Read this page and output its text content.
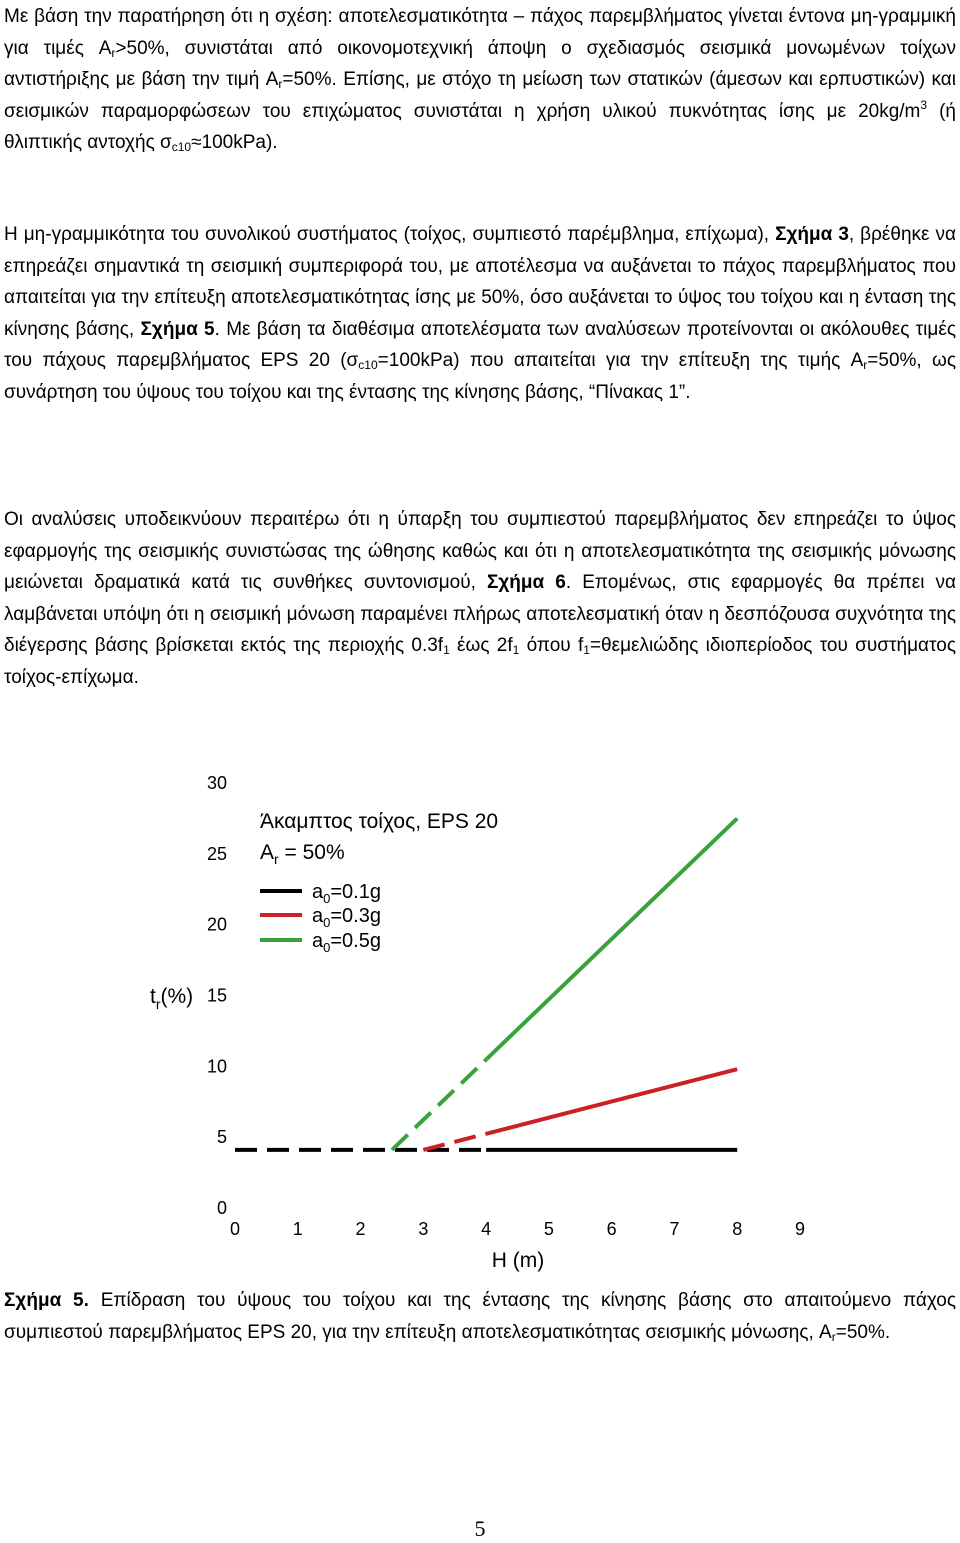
Με βάση την παρατήρηση ότι η σχέση: αποτελεσματικότητα – πάχος παρεμβλήματος γίνεται έντονα μη-γραμμική για τιμές $A_r>50\%$, συνιστάται από οικονομοτεχνική άποψη ο σχεδιασμός σεισμικά μονωμένων τοίχων αντιστήριξης με βάση την τιμή $A_r=50\%$. Επίσης, με στόχο τη μείωση των στατικών (άμεσων και ερπυστικών) και σεισμικών παραμορφώσεων του επιχώματος συνιστάται η χρήση υλικού πυκνότητας ίσης με $20kg/m^3$ (ή θλιπτικής αντοχής $\sigma_{c10}\approx 100kPa$).

Η μη-γραμμικότητα του συνολικού συστήματος (τοίχος, συμπιεστό παρέμβλημα, επίχωμα), Σχήμα 3, βρέθηκε να επηρεάζει σημαντικά τη σεισμική συμπεριφορά του, με αποτέλεσμα να αυξάνεται το πάχος παρεμβλήματος που απαιτείται για την επίτευξη αποτελεσματικότητας ίσης με 50%, όσο αυξάνεται το ύψος του τοίχου και η ένταση της κίνησης βάσης, Σχήμα 5. Με βάση τα διαθέσιμα αποτελέσματα των αναλύσεων προτείνονται οι ακόλουθες τιμές του πάχους παρεμβλήματος EPS 20 $(\sigma_{c10}=100kPa)$ που απαιτείται για την επίτευξη της τιμής $A_r=50\%$, ως συνάρτηση του ύψους του τοίχου και της έντασης της κίνησης βάσης, “Πίνακας 1”.

Οι αναλύσεις υποδεικνύουν περαιτέρω ότι η ύπαρξη του συμπιεστού παρεμβλήματος δεν επηρεάζει το ύψος εφαρμογής της σεισμικής συνιστώσας της ώθησης καθώς και ότι η αποτελεσματικότητα της σεισμικής μόνωσης μειώνεται δραματικά κατά τις συνθήκες συντονισμού, Σχήμα 6. Επομένως, στις εφαρμογές θα πρέπει να λαμβάνεται υπόψη ότι η σεισμική μόνωση παραμένει πλήρως αποτελεσματική όταν η δεσπόζουσα συχνότητα της διέγερσης βάσης βρίσκεται εκτός της περιοχής $0.3f_1$ έως $2f_1$ όπου $f_1=\theta\varepsilon\mu\varepsilon\lambda\iota ώ\delta\eta\varsigma$ ιδιοπερίοδος του συστήματος τοίχος-επίχωμα.

0	1	2	3	4	5	6	7	8	9
0
5
10
15
20
25
30
Άκαμπτος τοίχος, EPS 20
$A_r = 50\%$
$a_0=0.1g$
$a_0=0.3g$
$a_0=0.5g$
$t_r(\%)$
H (m)

Σχήμα 5. Επίδραση του ύψους του τοίχου και της έντασης της κίνησης βάσης στο απαιτούμενο πάχος συμπιεστού παρεμβλήματος EPS 20, για την επίτευξη αποτελεσματικότητας σεισμικής μόνωσης, $A_r=50\%$.

5
